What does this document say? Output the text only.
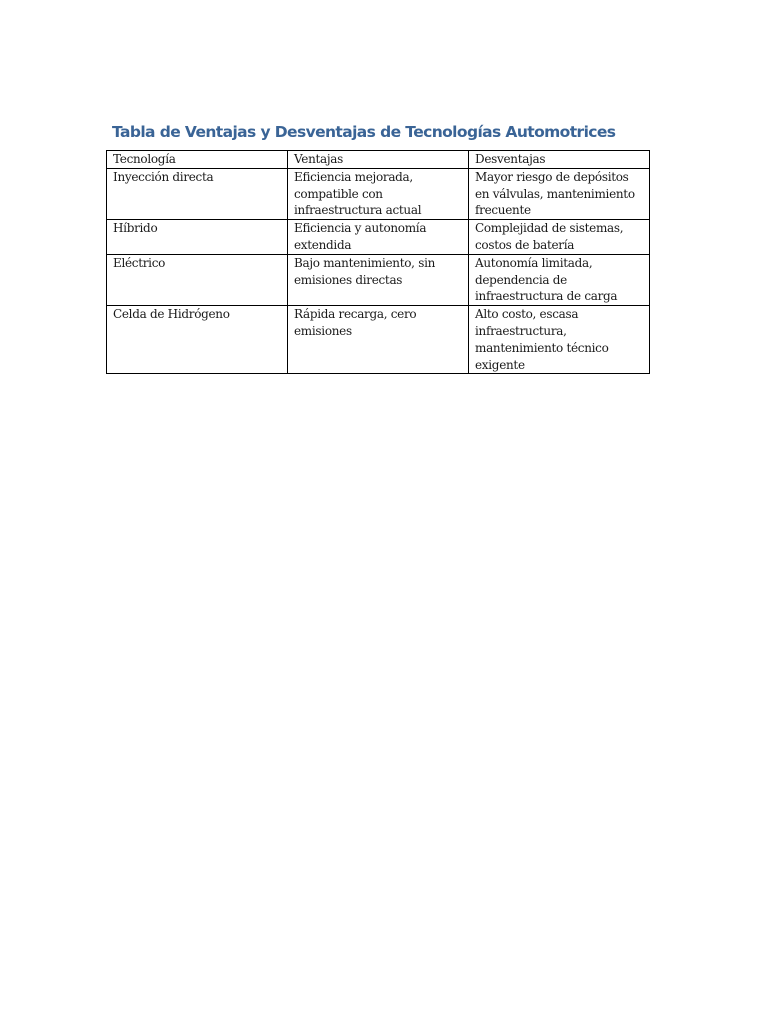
Tabla de Ventajas y Desventajas de Tecnologías Automotrices
Tecnología	Ventajas	Desventajas
Inyección directa	Eficiencia mejorada, compatible con infraestructura actual	Mayor riesgo de depósitos en válvulas, mantenimiento frecuente
Híbrido	Eficiencia y autonomía extendida	Complejidad de sistemas, costos de batería
Eléctrico	Bajo mantenimiento, sin emisiones directas	Autonomía limitada, dependencia de infraestructura de carga
Celda de Hidrógeno	Rápida recarga, cero emisiones	Alto costo, escasa infraestructura, mantenimiento técnico exigente
